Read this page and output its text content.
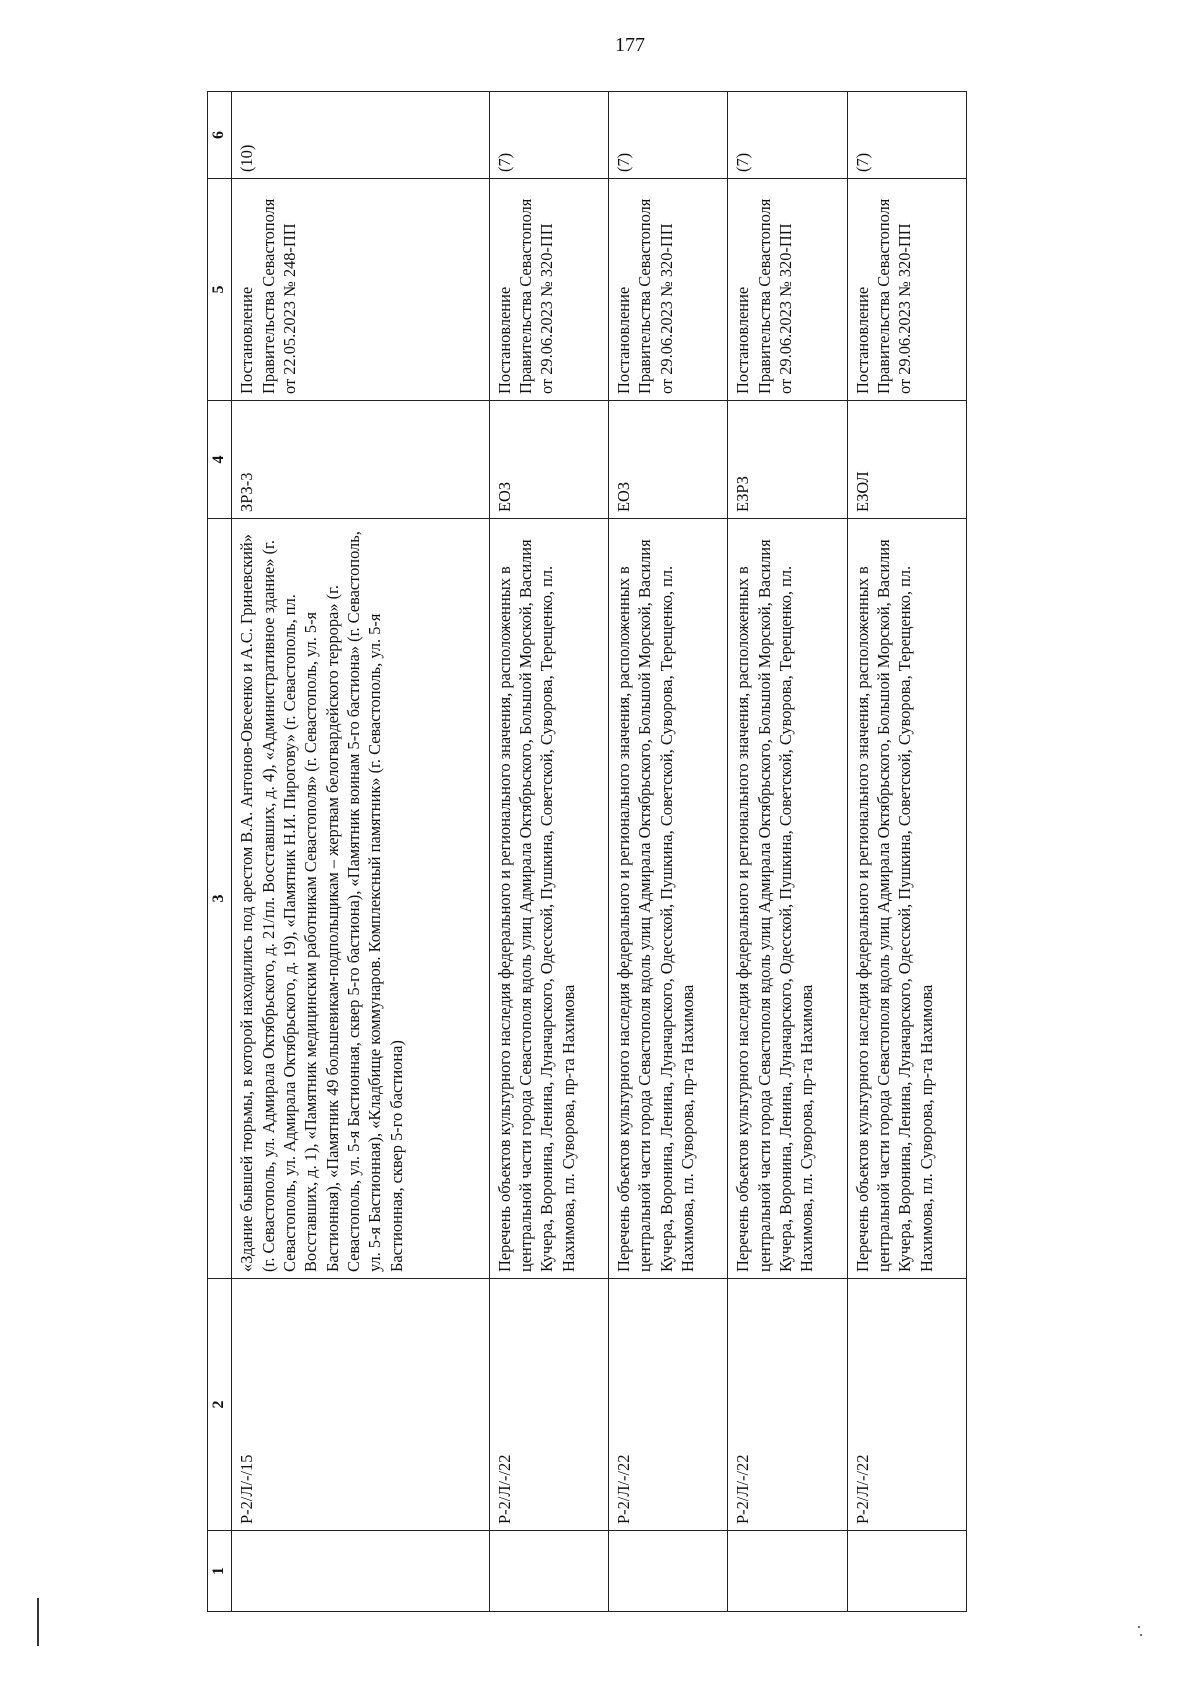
177
1	2	3	4	5	6
	Р-2/Л/-/15	«Здание бывшей тюрьмы, в которой находились под арестом В.А. Антонов-Овсеенко и А.С. Гриневский» (г. Севастополь, ул. Адмирала Октябрьского, д. 21/пл. Восставших, д. 4), «Административное здание» (г. Севастополь, ул. Адмирала Октябрьского, д. 19), «Памятник Н.И. Пирогову» (г. Севастополь, пл. Восставших, д. 1), «Памятник медицинским работникам Севастополя» (г. Севастополь, ул. 5-я Бастионная), «Памятник 49 большевикам-подпольщикам – жертвам белогвардейского террора» (г. Севастополь, ул. 5-я Бастионная, сквер 5-го бастиона), «Памятник воинам 5-го бастиона» (г. Севастополь, ул. 5-я Бастионная), «Кладбище коммунаров. Комплексный памятник» (г. Севастополь, ул. 5-я Бастионная, сквер 5-го бастиона)	ЗРЗ-3	Постановление Правительства Севастополя от 22.05.2023 № 248-ПП	(10)
	Р-2/Л/-/22	Перечень объектов культурного наследия федерального и регионального значения, расположенных в центральной части города Севастополя вдоль улиц Адмирала Октябрьского, Большой Морской, Василия Кучера, Воронина, Ленина, Луначарского, Одесской, Пушкина, Советской, Суворова, Терещенко, пл. Нахимова, пл. Суворова, пр-та Нахимова	ЕОЗ	Постановление Правительства Севастополя от 29.06.2023 № 320-ПП	(7)
	Р-2/Л/-/22	Перечень объектов культурного наследия федерального и регионального значения, расположенных в центральной части города Севастополя вдоль улиц Адмирала Октябрьского, Большой Морской, Василия Кучера, Воронина, Ленина, Луначарского, Одесской, Пушкина, Советской, Суворова, Терещенко, пл. Нахимова, пл. Суворова, пр-та Нахимова	ЕОЗ	Постановление Правительства Севастополя от 29.06.2023 № 320-ПП	(7)
	Р-2/Л/-/22	Перечень объектов культурного наследия федерального и регионального значения, расположенных в центральной части города Севастополя вдоль улиц Адмирала Октябрьского, Большой Морской, Василия Кучера, Воронина, Ленина, Луначарского, Одесской, Пушкина, Советской, Суворова, Терещенко, пл. Нахимова, пл. Суворова, пр-та Нахимова	ЕЗРЗ	Постановление Правительства Севастополя от 29.06.2023 № 320-ПП	(7)
	Р-2/Л/-/22	Перечень объектов культурного наследия федерального и регионального значения, расположенных в центральной части города Севастополя вдоль улиц Адмирала Октябрьского, Большой Морской, Василия Кучера, Воронина, Ленина, Луначарского, Одесской, Пушкина, Советской, Суворова, Терещенко, пл. Нахимова, пл. Суворова, пр-та Нахимова	ЕЗОЛ	Постановление Правительства Севастополя от 29.06.2023 № 320-ПП	(7)
